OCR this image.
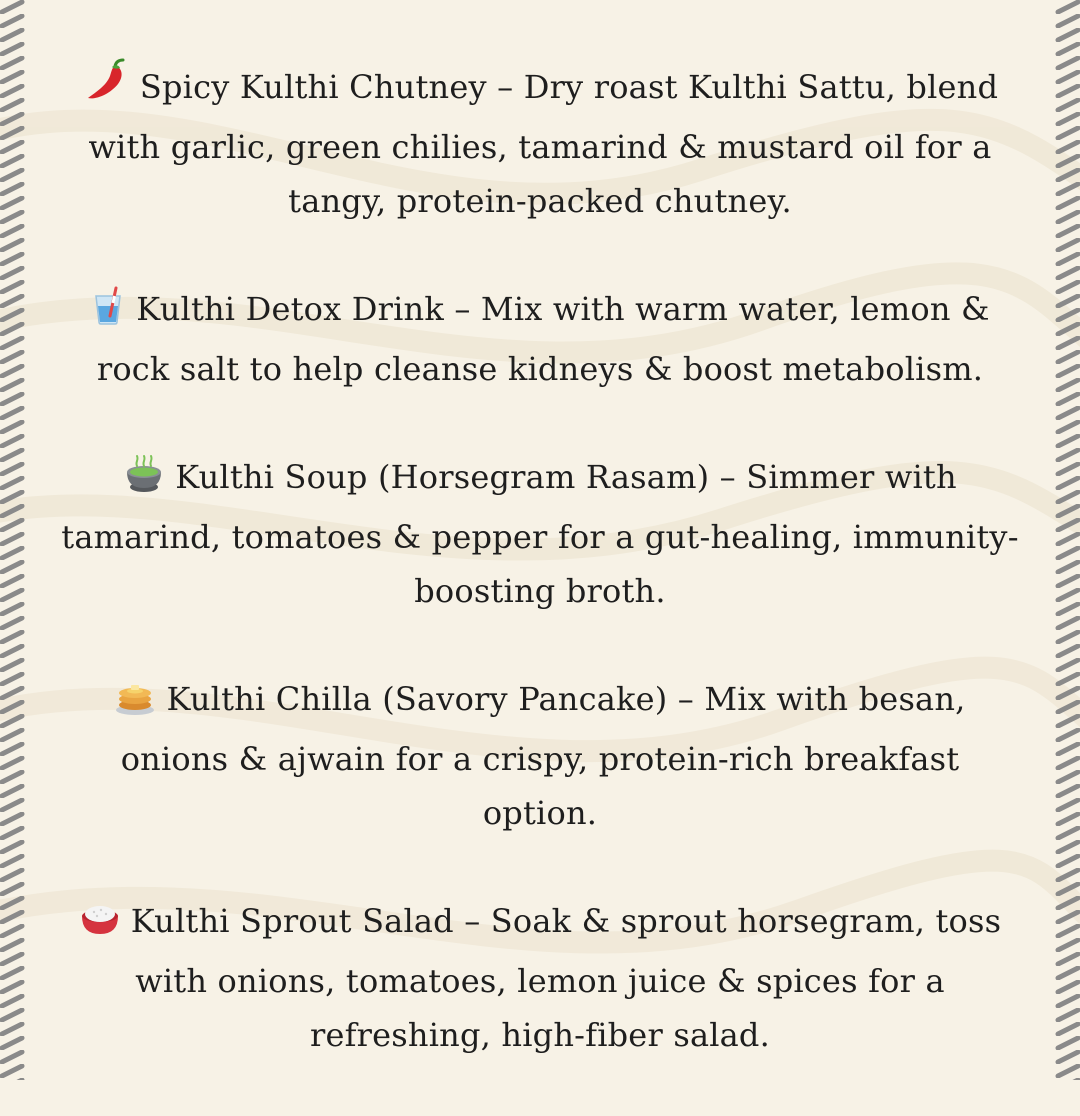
Spicy Kulthi Chutney – Dry roast Kulthi Sattu, blend with garlic, green chilies, tamarind & mustard oil for a tangy, protein-packed chutney.

Kulthi Detox Drink – Mix with warm water, lemon & rock salt to help cleanse kidneys & boost metabolism.

Kulthi Soup (Horsegram Rasam) – Simmer with tamarind, tomatoes & pepper for a gut-healing, immunity-boosting broth.

Kulthi Chilla (Savory Pancake) – Mix with besan, onions & ajwain for a crispy, protein-rich breakfast option.

Kulthi Sprout Salad – Soak & sprout horsegram, toss with onions, tomatoes, lemon juice & spices for a refreshing, high-fiber salad.
